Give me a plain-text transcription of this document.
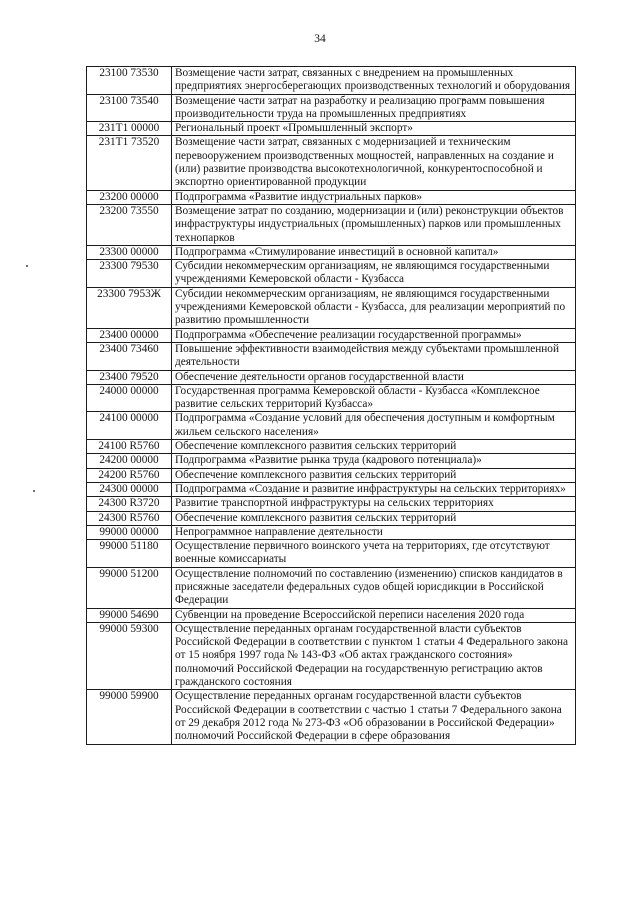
34
23100 73530	Возмещение части затрат, связанных с внедрением на промышленных предприятиях энергосберегающих производственных технологий и оборудования
23100 73540	Возмещение части затрат на разработку и реализацию программ повышения производительности труда на промышленных предприятиях
231T1 00000	Региональный проект «Промышленный экспорт»
231T1 73520	Возмещение части затрат, связанных с модернизацией и техническим перевооружением производственных мощностей, направленных на создание и (или) развитие производства высокотехнологичной, конкурентоспособной и экспортно ориентированной продукции
23200 00000	Подпрограмма «Развитие индустриальных парков»
23200 73550	Возмещение затрат по созданию, модернизации и (или) реконструкции объектов инфраструктуры индустриальных (промышленных) парков или промышленных технопарков
23300 00000	Подпрограмма «Стимулирование инвестиций в основной капитал»
23300 79530	Субсидии некоммерческим организациям, не являющимся государственными учреждениями Кемеровской области - Кузбасса
23300 7953Ж	Субсидии некоммерческим организациям, не являющимся государственными учреждениями Кемеровской области - Кузбасса, для реализации мероприятий по развитию промышленности
23400 00000	Подпрограмма «Обеспечение реализации государственной программы»
23400 73460	Повышение эффективности взаимодействия между субъектами промышленной деятельности
23400 79520	Обеспечение деятельности органов государственной власти
24000 00000	Государственная программа Кемеровской области - Кузбасса «Комплексное развитие сельских территорий Кузбасса»
24100 00000	Подпрограмма «Создание условий для обеспечения доступным и комфортным жильем сельского населения»
24100 R5760	Обеспечение комплексного развития сельских территорий
24200 00000	Подпрограмма «Развитие рынка труда (кадрового потенциала)»
24200 R5760	Обеспечение комплексного развития сельских территорий
24300 00000	Подпрограмма «Создание и развитие инфраструктуры на сельских территориях»
24300 R3720	Развитие транспортной инфраструктуры на сельских территориях
24300 R5760	Обеспечение комплексного развития сельских территорий
99000 00000	Непрограммное направление деятельности
99000 51180	Осуществление первичного воинского учета на территориях, где отсутствуют военные комиссариаты
99000 51200	Осуществление полномочий по составлению (изменению) списков кандидатов в присяжные заседатели федеральных судов общей юрисдикции в Российской Федерации
99000 54690	Субвенции на проведение Всероссийской переписи населения 2020 года
99000 59300	Осуществление переданных органам государственной власти субъектов Российской Федерации в соответствии с пунктом 1 статьи 4 Федерального закона от 15 ноября 1997 года № 143-ФЗ «Об актах гражданского состояния» полномочий Российской Федерации на государственную регистрацию актов гражданского состояния
99000 59900	Осуществление переданных органам государственной власти субъектов Российской Федерации в соответствии с частью 1 статьи 7 Федерального закона от 29 декабря 2012 года № 273-ФЗ «Об образовании в Российской Федерации» полномочий Российской Федерации в сфере образования
